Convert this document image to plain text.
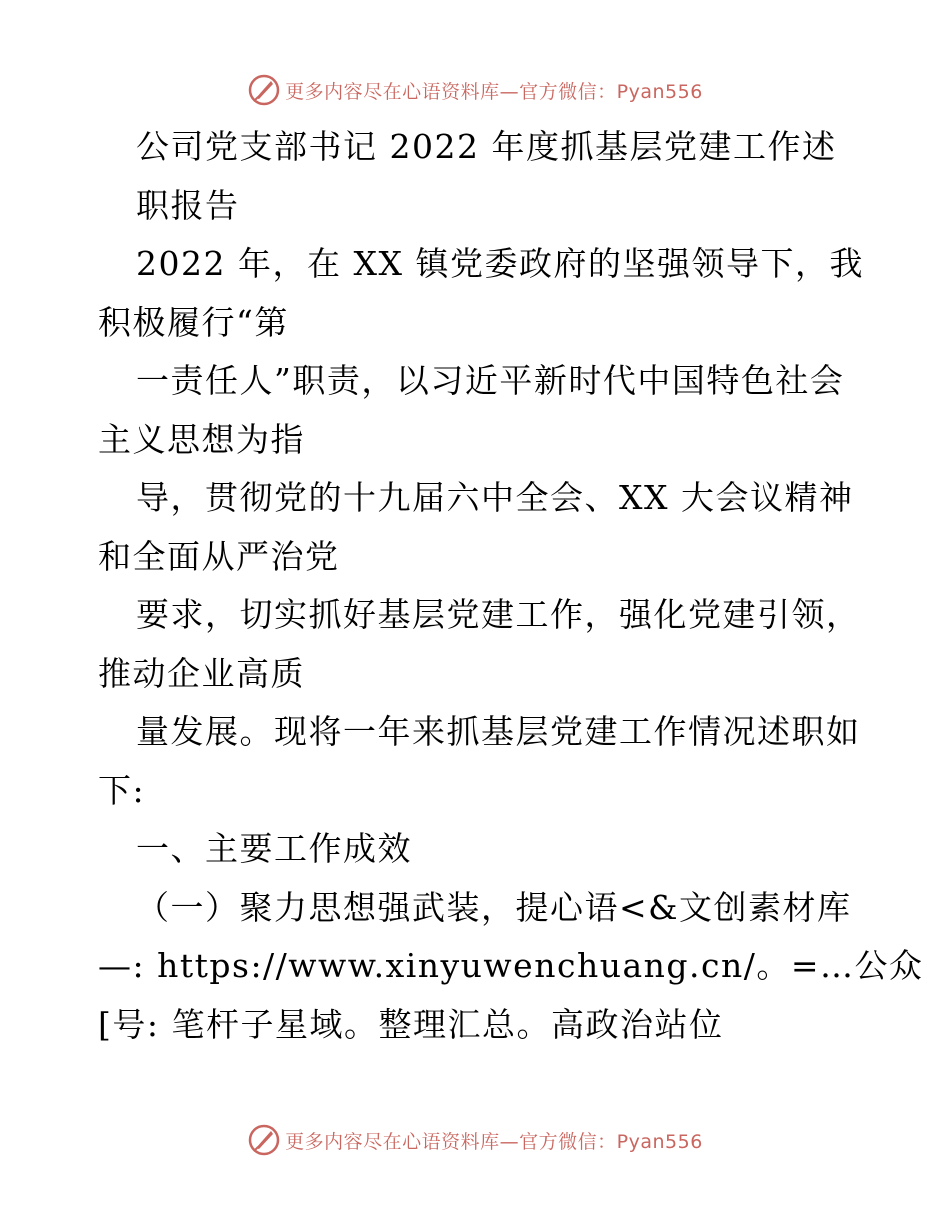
更多内容尽在心语资料库—官方微信：Pyan556
公司党支部书记 2022 年度抓基层党建工作述
职报告
2022 年，在 XX 镇党委政府的坚强领导下，我
积极履行“第
一责任人”职责，以习近平新时代中国特色社会
主义思想为指
导，贯彻党的十九届六中全会、XX 大会议精神
和全面从严治党
要求，切实抓好基层党建工作，强化党建引领，
推动企业高质
量发展。现将一年来抓基层党建工作情况述职如
下:
一、主要工作成效
（一）聚力思想强武装，提心语<&文创素材库
—: https://www.xinyuwenchuang.cn/。=…公众
[号: 笔杆子星域。整理汇总。高政治站位
更多内容尽在心语资料库—官方微信：Pyan556
